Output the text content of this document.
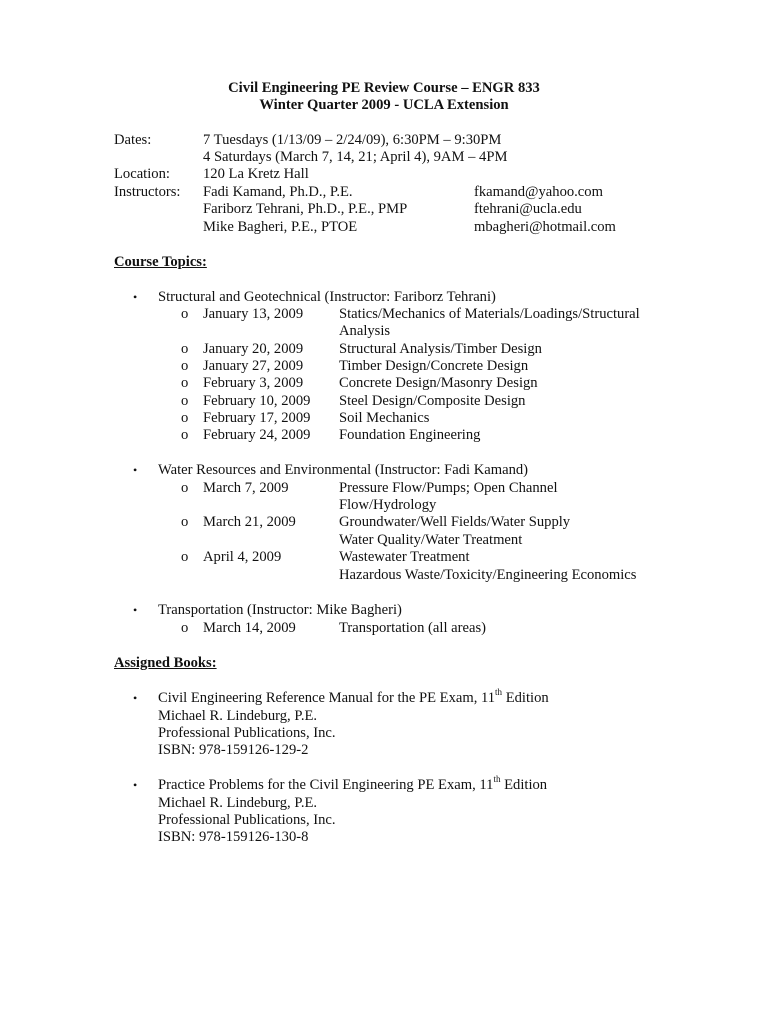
Civil Engineering PE Review Course – ENGR 833
Winter Quarter 2009 - UCLA Extension
Dates:	7 Tuesdays (1/13/09 – 2/24/09), 6:30PM – 9:30PM
4 Saturdays (March 7, 14, 21; April 4), 9AM – 4PM
Location: 120 La Kretz Hall
Instructors: Fadi Kamand, Ph.D., P.E.	fkamand@yahoo.com
Fariborz Tehrani, Ph.D., P.E., PMP	ftehrani@ucla.edu
Mike Bagheri, P.E., PTOE	mbagheri@hotmail.com
Course Topics:
• Structural and Geotechnical (Instructor: Fariborz Tehrani)
o January 13, 2009 Statics/Mechanics of Materials/Loadings/Structural
Analysis
o January 20, 2009 Structural Analysis/Timber Design
o January 27, 2009 Timber Design/Concrete Design
o February 3, 2009 Concrete Design/Masonry Design
o February 10, 2009 Steel Design/Composite Design
o February 17, 2009 Soil Mechanics
o February 24, 2009 Foundation Engineering
• Water Resources and Environmental (Instructor: Fadi Kamand)
o March 7, 2009	Pressure Flow/Pumps; Open Channel
Flow/Hydrology
o March 21, 2009	Groundwater/Well Fields/Water Supply
Water Quality/Water Treatment
o April 4, 2009	Wastewater Treatment
Hazardous Waste/Toxicity/Engineering Economics
• Transportation (Instructor: Mike Bagheri)
o March 14, 2009	Transportation (all areas)
Assigned Books:
• Civil Engineering Reference Manual for the PE Exam, 11th Edition
Michael R. Lindeburg, P.E.
Professional Publications, Inc.
ISBN: 978-159126-129-2
• Practice Problems for the Civil Engineering PE Exam, 11th Edition
Michael R. Lindeburg, P.E.
Professional Publications, Inc.
ISBN: 978-159126-130-8
